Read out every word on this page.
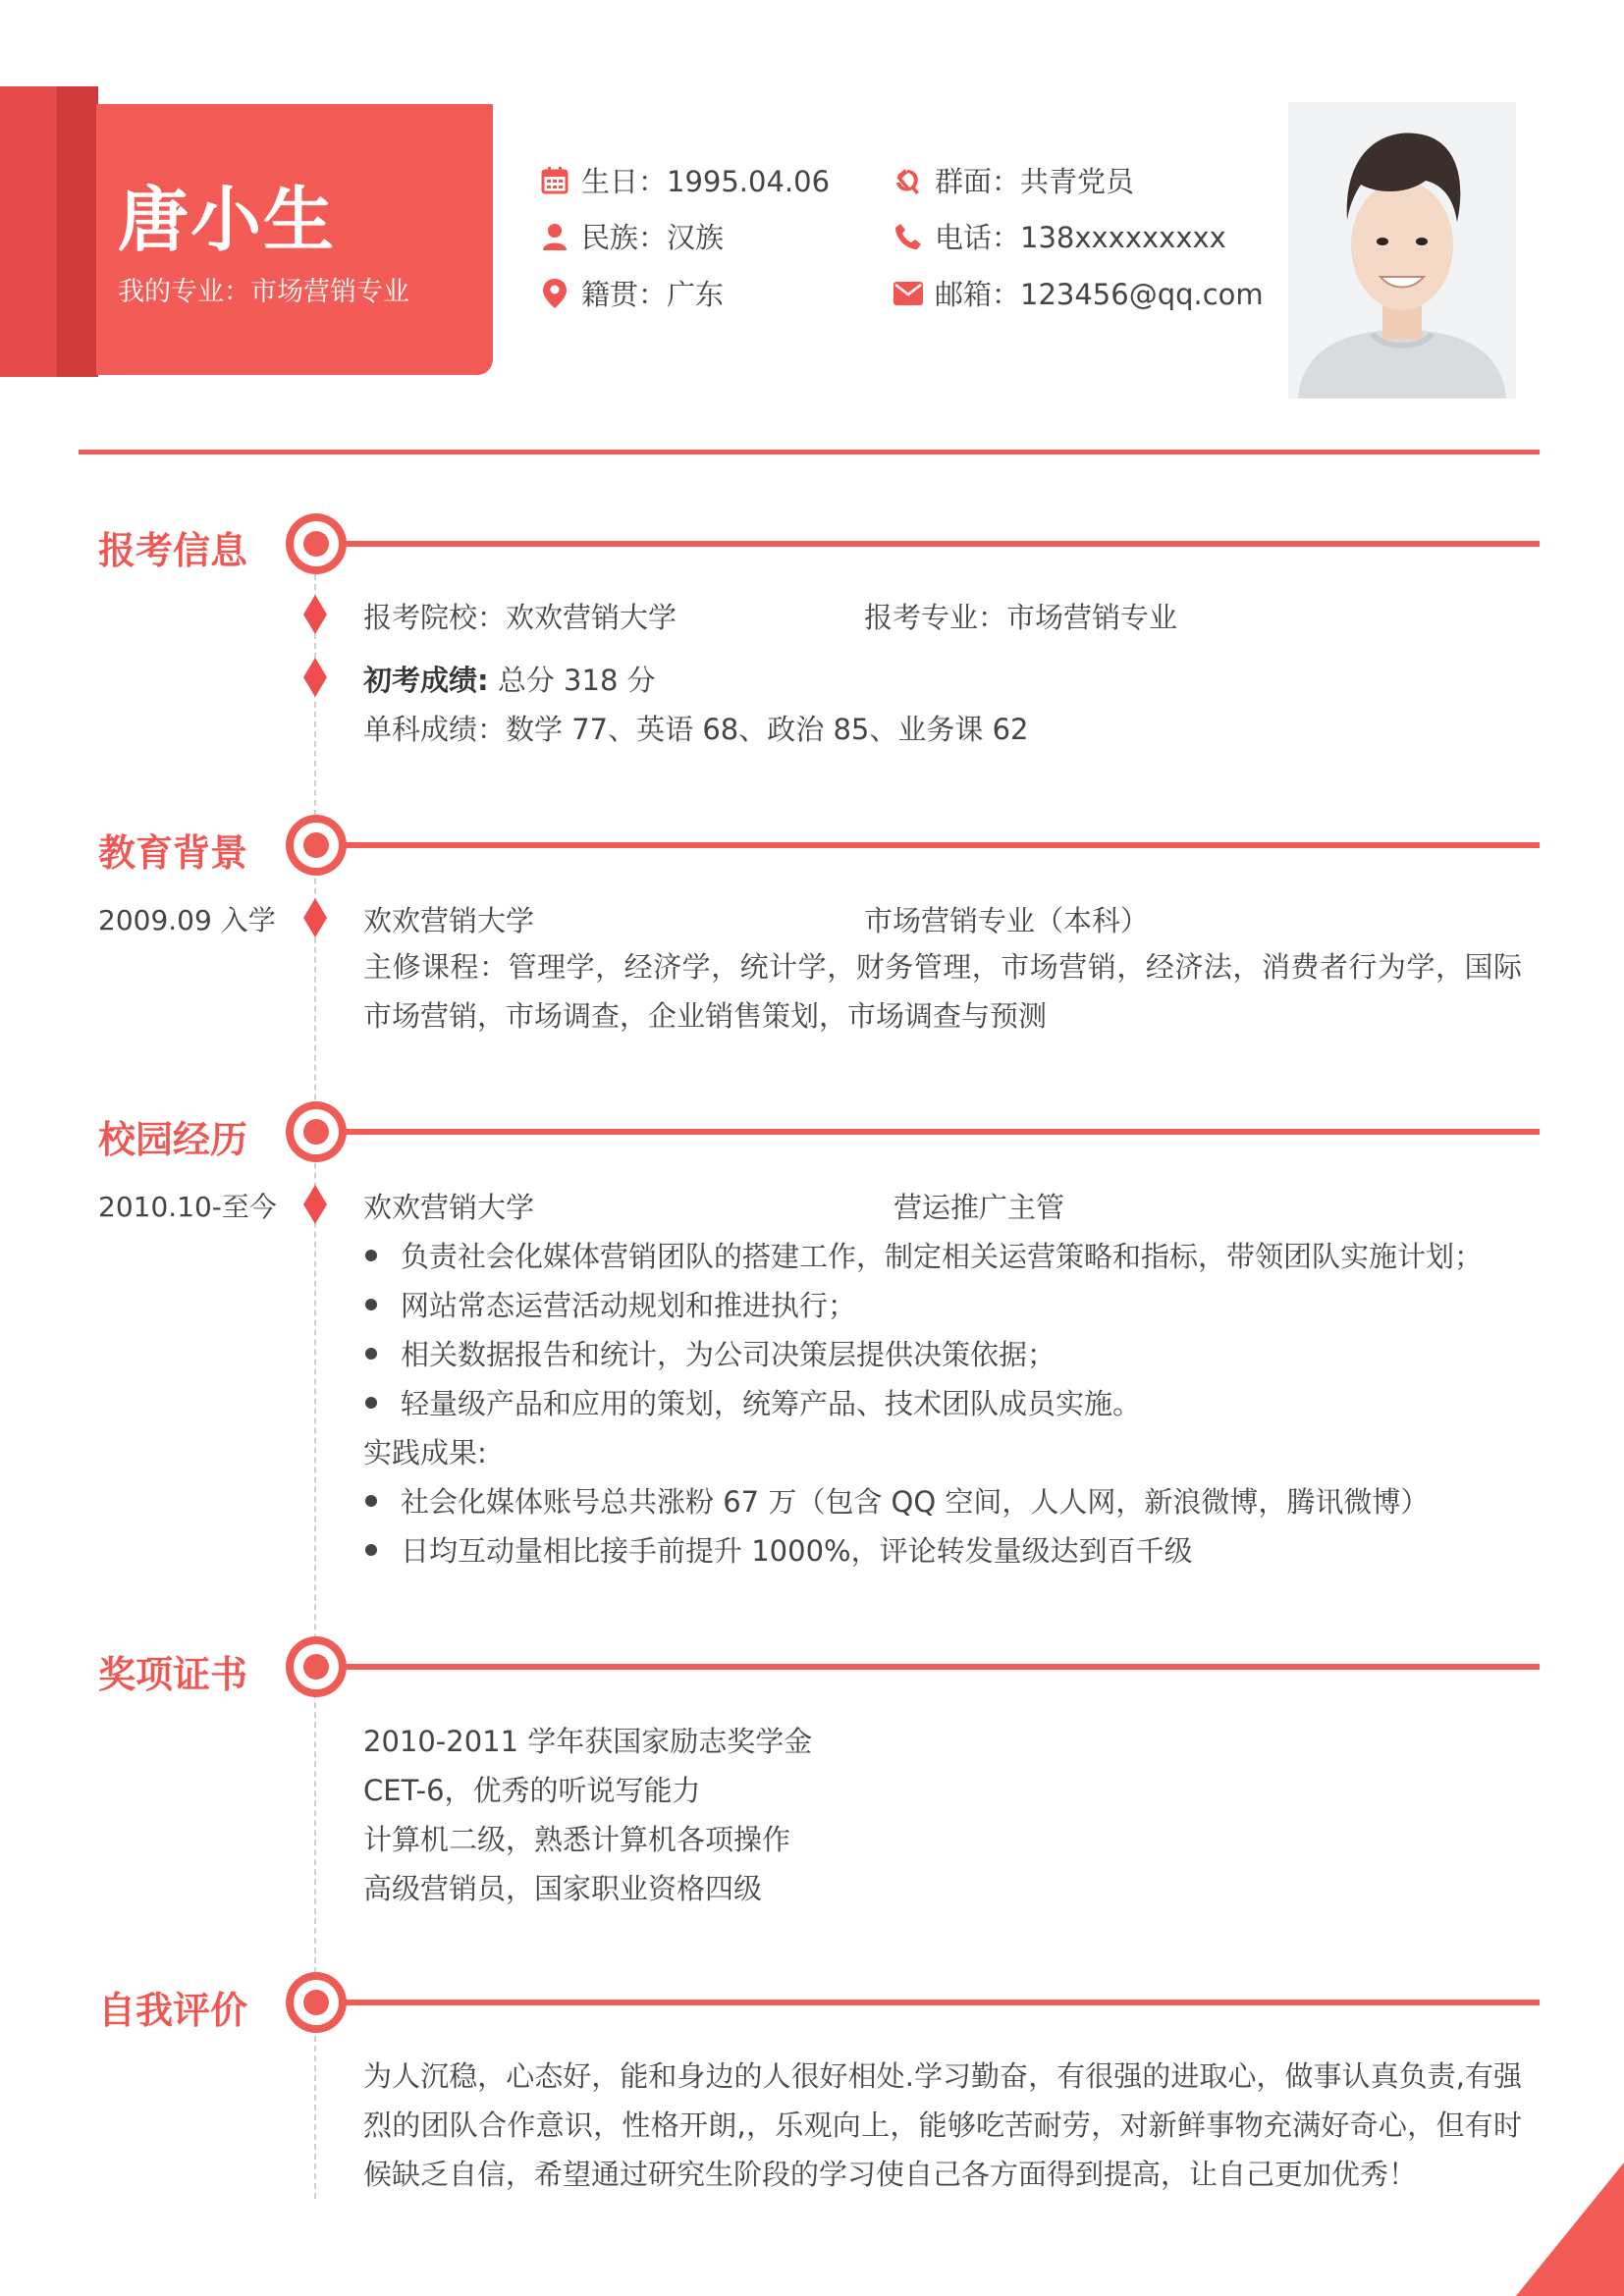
唐小生
我的专业：市场营销专业
生日：1995.04.06
民族：汉族
籍贯：广东
群面：共青党员
电话：138xxxxxxxxx
邮箱：123456@qq.com
报考信息
报考院校：欢欢营销大学	报考专业：市场营销专业
初考成绩: 总分 318 分
单科成绩：数学 77、英语 68、政治 85、业务课 62
教育背景
2009.09 入学	欢欢营销大学	市场营销专业（本科）
主修课程：管理学，经济学，统计学，财务管理，市场营销，经济法，消费者行为学，国际市场营销，市场调查，企业销售策划，市场调查与预测
校园经历
2010.10-至今	欢欢营销大学	营运推广主管
负责社会化媒体营销团队的搭建工作，制定相关运营策略和指标，带领团队实施计划；
网站常态运营活动规划和推进执行；
相关数据报告和统计，为公司决策层提供决策依据；
轻量级产品和应用的策划，统筹产品、技术团队成员实施。
实践成果:
社会化媒体账号总共涨粉 67 万（包含 QQ 空间，人人网，新浪微博，腾讯微博）
日均互动量相比接手前提升 1000%，评论转发量级达到百千级
奖项证书
2010-2011 学年获国家励志奖学金
CET-6，优秀的听说写能力
计算机二级，熟悉计算机各项操作
高级营销员，国家职业资格四级
自我评价
为人沉稳，心态好，能和身边的人很好相处.学习勤奋，有很强的进取心，做事认真负责,有强烈的团队合作意识，性格开朗,，乐观向上，能够吃苦耐劳，对新鲜事物充满好奇心，但有时候缺乏自信，希望通过研究生阶段的学习使自己各方面得到提高，让自己更加优秀！
